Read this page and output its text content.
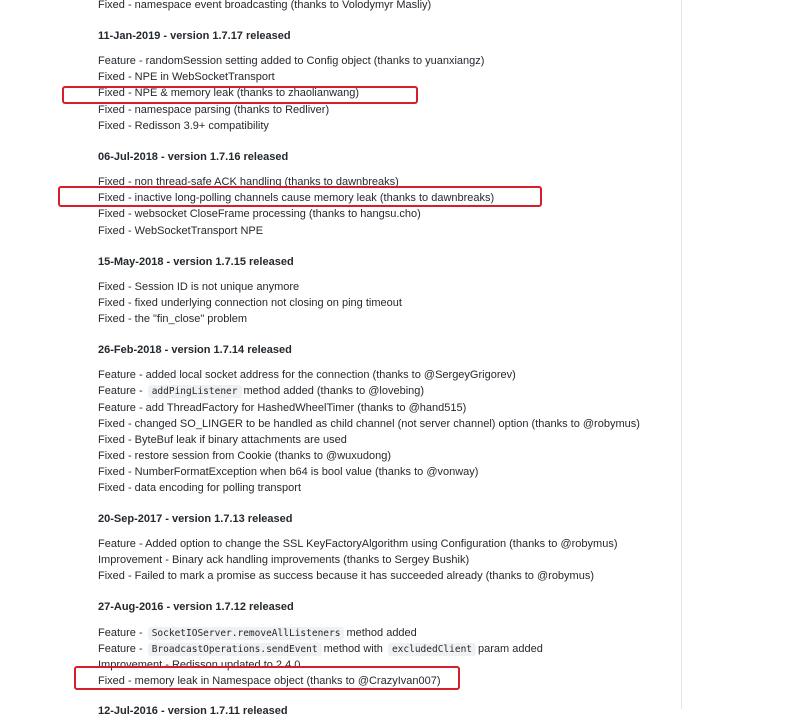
Fixed - namespace event broadcasting (thanks to Volodymyr Masliy)
11-Jan-2019 - version 1.7.17 released
Feature - randomSession setting added to Config object (thanks to yuanxiangz)
Fixed - NPE in WebSocketTransport
Fixed - NPE & memory leak (thanks to zhaolianwang)
Fixed - namespace parsing (thanks to Redliver)
Fixed - Redisson 3.9+ compatibility
06-Jul-2018 - version 1.7.16 released
Fixed - non thread-safe ACK handling (thanks to dawnbreaks)
Fixed - inactive long-polling channels cause memory leak (thanks to dawnbreaks)
Fixed - websocket CloseFrame processing (thanks to hangsu.cho)
Fixed - WebSocketTransport NPE
15-May-2018 - version 1.7.15 released
Fixed - Session ID is not unique anymore
Fixed - fixed underlying connection not closing on ping timeout
Fixed - the "fin_close" problem
26-Feb-2018 - version 1.7.14 released
Feature - added local socket address for the connection (thanks to @SergeyGrigorev)
Feature - addPingListener method added (thanks to @lovebing)
Feature - add ThreadFactory for HashedWheelTimer (thanks to @hand515)
Fixed - changed SO_LINGER to be handled as child channel (not server channel) option (thanks to @robymus)
Fixed - ByteBuf leak if binary attachments are used
Fixed - restore session from Cookie (thanks to @wuxudong)
Fixed - NumberFormatException when b64 is bool value (thanks to @vonway)
Fixed - data encoding for polling transport
20-Sep-2017 - version 1.7.13 released
Feature - Added option to change the SSL KeyFactoryAlgorithm using Configuration (thanks to @robymus)
Improvement - Binary ack handling improvements (thanks to Sergey Bushik)
Fixed - Failed to mark a promise as success because it has succeeded already (thanks to @robymus)
27-Aug-2016 - version 1.7.12 released
Feature - SocketIOServer.removeAllListeners method added
Feature - BroadcastOperations.sendEvent method with excludedClient param added
Improvement - Redisson updated to 2.4.0
Fixed - memory leak in Namespace object (thanks to @CrazyIvan007)
12-Jul-2016 - version 1.7.11 released
